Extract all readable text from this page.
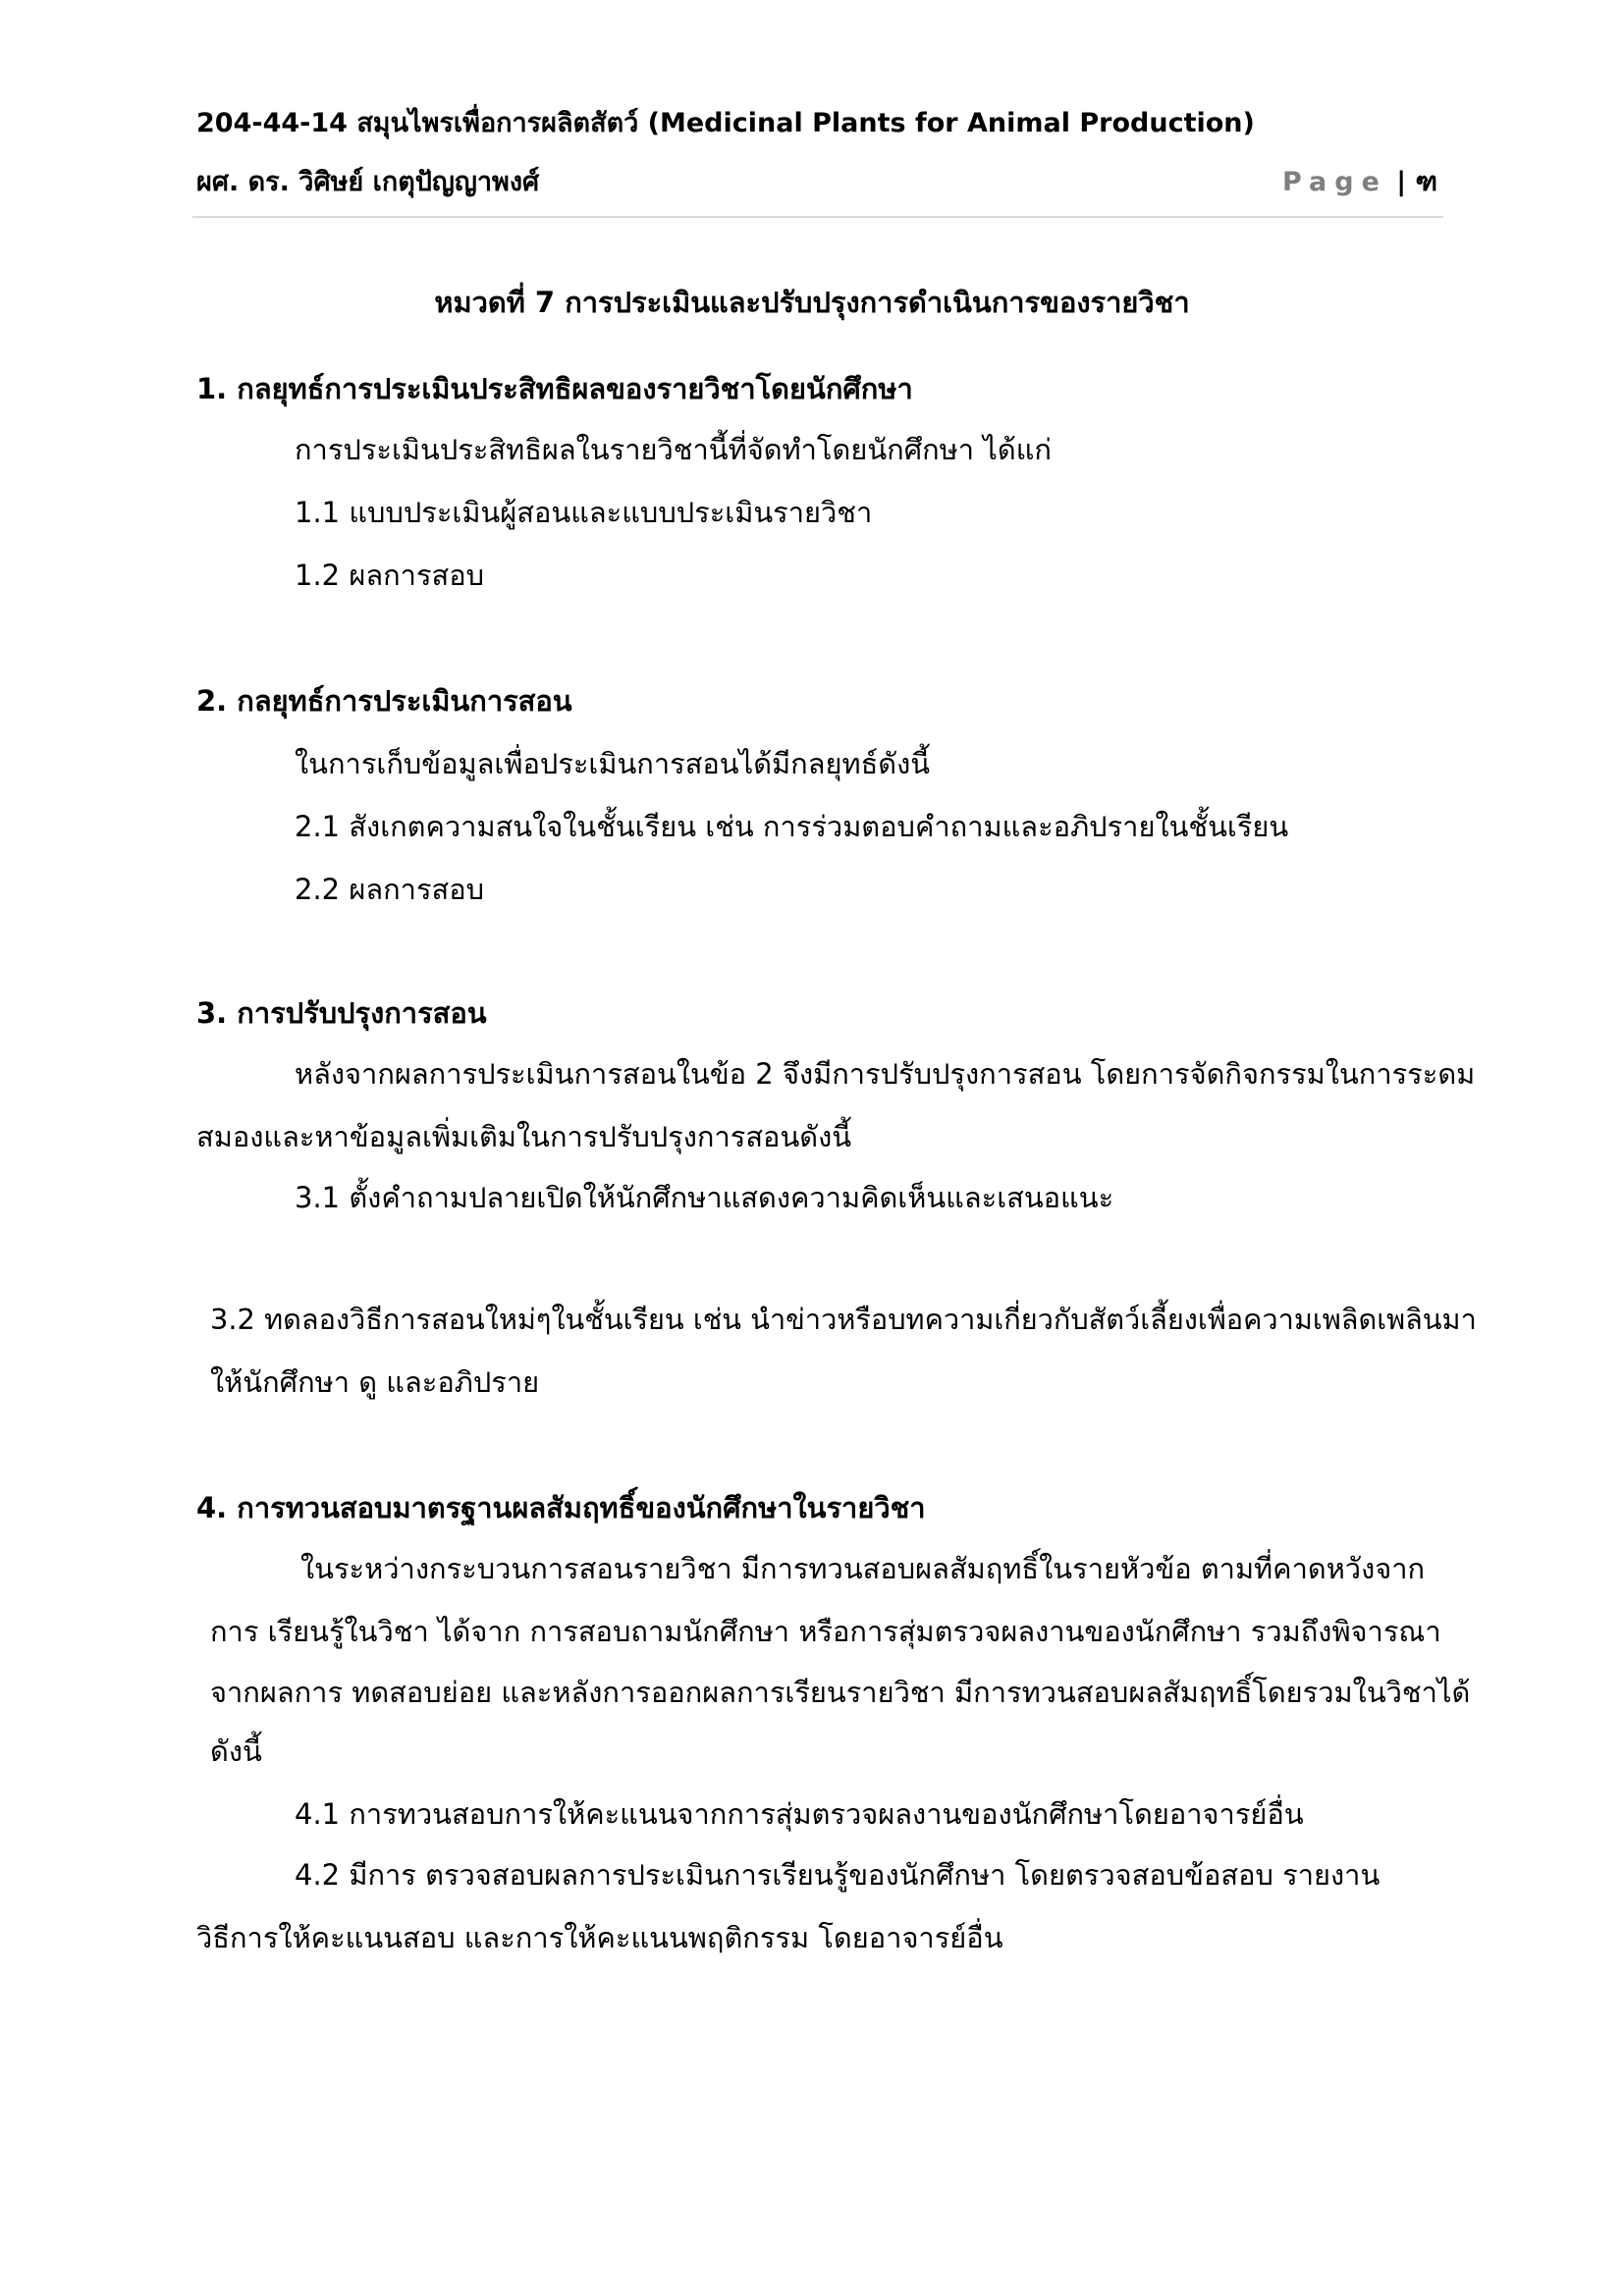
204-44-14 สมุนไพรเพื่อการผลิตสัตว์ (Medicinal Plants for Animal Production)
ผศ. ดร. วิศิษย์ เกตุปัญญาพงศ์	Page | ฑ
หมวดที่ 7 การประเมินและปรับปรุงการดำเนินการของรายวิชา
1. กลยุทธ์การประเมินประสิทธิผลของรายวิชาโดยนักศึกษา
การประเมินประสิทธิผลในรายวิชานี้ที่จัดทำโดยนักศึกษา ได้แก่
1.1 แบบประเมินผู้สอนและแบบประเมินรายวิชา
1.2 ผลการสอบ
2. กลยุทธ์การประเมินการสอน
ในการเก็บข้อมูลเพื่อประเมินการสอนได้มีกลยุทธ์ดังนี้
2.1 สังเกตความสนใจในชั้นเรียน เช่น การร่วมตอบคำถามและอภิปรายในชั้นเรียน
2.2 ผลการสอบ
3. การปรับปรุงการสอน
หลังจากผลการประเมินการสอนในข้อ 2 จึงมีการปรับปรุงการสอน โดยการจัดกิจกรรมในการระดม
สมองและหาข้อมูลเพิ่มเติมในการปรับปรุงการสอนดังนี้
3.1 ตั้งคำถามปลายเปิดให้นักศึกษาแสดงความคิดเห็นและเสนอแนะ
3.2 ทดลองวิธีการสอนใหม่ๆในชั้นเรียน เช่น นำข่าวหรือบทความเกี่ยวกับสัตว์เลี้ยงเพื่อความเพลิดเพลินมา
ให้นักศึกษา ดู และอภิปราย
4. การทวนสอบมาตรฐานผลสัมฤทธิ์ของนักศึกษาในรายวิชา
ในระหว่างกระบวนการสอนรายวิชา มีการทวนสอบผลสัมฤทธิ์ในรายหัวข้อ ตามที่คาดหวังจาก
การ เรียนรู้ในวิชา ได้จาก การสอบถามนักศึกษา หรือการสุ่มตรวจผลงานของนักศึกษา รวมถึงพิจารณา
จากผลการ ทดสอบย่อย และหลังการออกผลการเรียนรายวิชา มีการทวนสอบผลสัมฤทธิ์โดยรวมในวิชาได้
ดังนี้
4.1 การทวนสอบการให้คะแนนจากการสุ่มตรวจผลงานของนักศึกษาโดยอาจารย์อื่น
4.2 มีการ ตรวจสอบผลการประเมินการเรียนรู้ของนักศึกษา โดยตรวจสอบข้อสอบ รายงาน
วิธีการให้คะแนนสอบ และการให้คะแนนพฤติกรรม โดยอาจารย์อื่น
